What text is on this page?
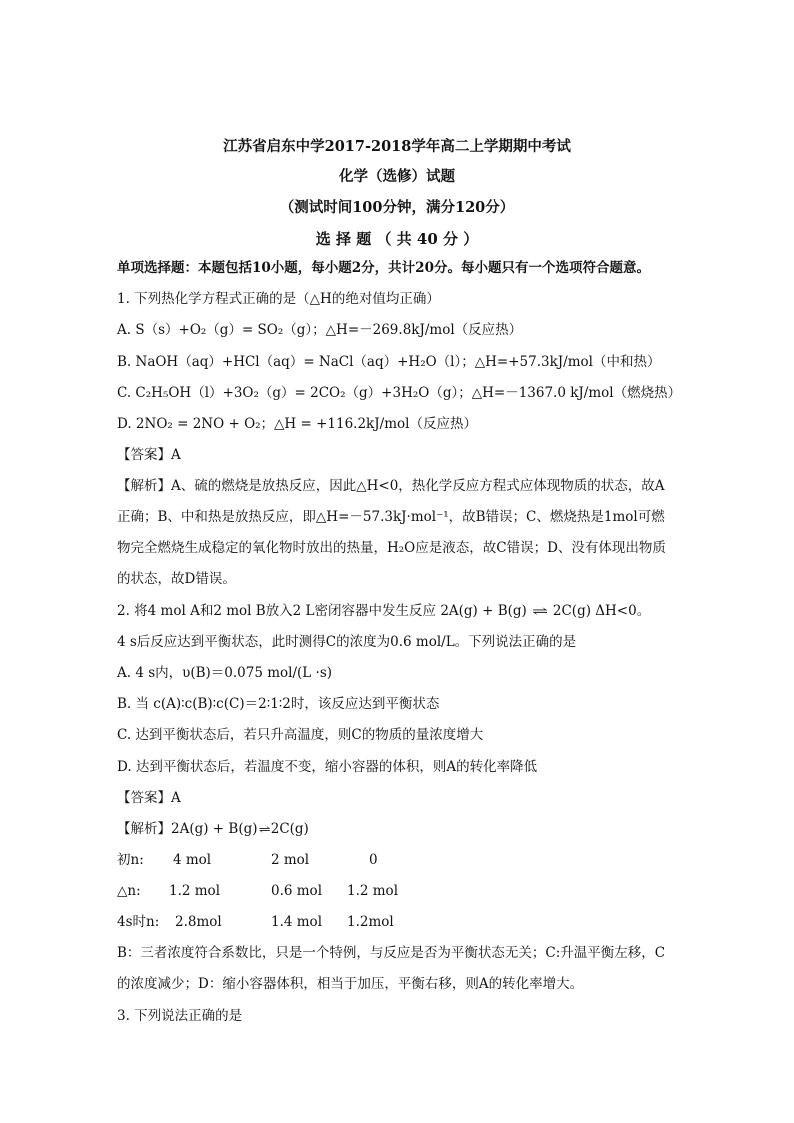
江苏省启东中学2017-2018学年高二上学期期中考试
化学（选修）试题
（测试时间100分钟，满分120分）
选 择 题 （ 共 40 分 ）
单项选择题：本题包括10小题，每小题2分，共计20分。每小题只有一个选项符合题意。
1. 下列热化学方程式正确的是（△H的绝对值均正确）
A. S（s）+O₂（g）= SO₂（g）；△H=－269.8kJ/mol（反应热）
B. NaOH（aq）+HCl（aq）= NaCl（aq）+H₂O（l）；△H=+57.3kJ/mol（中和热）
C. C₂H₅OH（l）+3O₂（g）= 2CO₂（g）+3H₂O（g）；△H=－1367.0 kJ/mol（燃烧热）
D. 2NO₂ = 2NO + O₂；△H = +116.2kJ/mol（反应热）
【答案】A
【解析】A、硫的燃烧是放热反应，因此△H<0，热化学反应方程式应体现物质的状态，故A
正确；B、中和热是放热反应，即△H=－57.3kJ·mol⁻¹，故B错误；C、燃烧热是1mol可燃
物完全燃烧生成稳定的氧化物时放出的热量，H₂O应是液态，故C错误；D、没有体现出物质
的状态，故D错误。
2. 将4 mol A和2 mol B放入2 L密闭容器中发生反应 2A(g) + B(g) ⇌ 2C(g) ΔH<0。
4 s后反应达到平衡状态，此时测得C的浓度为0.6 mol/L。下列说法正确的是
A. 4 s内，υ(B)＝0.075 mol/(L ·s)
B. 当 c(A)∶c(B)∶c(C)＝2∶1∶2时，该反应达到平衡状态
C. 达到平衡状态后，若只升高温度，则C的物质的量浓度增大
D. 达到平衡状态后，若温度不变，缩小容器的体积，则A的转化率降低
【答案】A
【解析】2A(g) + B(g)⇌2C(g)
初n: 4 mol	2 mol	0
△n: 1.2 mol	0.6 mol 1.2 mol
4s时n: 2.8mol	1.4 mol 1.2mol
B：三者浓度符合系数比，只是一个特例，与反应是否为平衡状态无关；C:升温平衡左移，C
的浓度减少；D：缩小容器体积，相当于加压，平衡右移，则A的转化率增大。
3. 下列说法正确的是
